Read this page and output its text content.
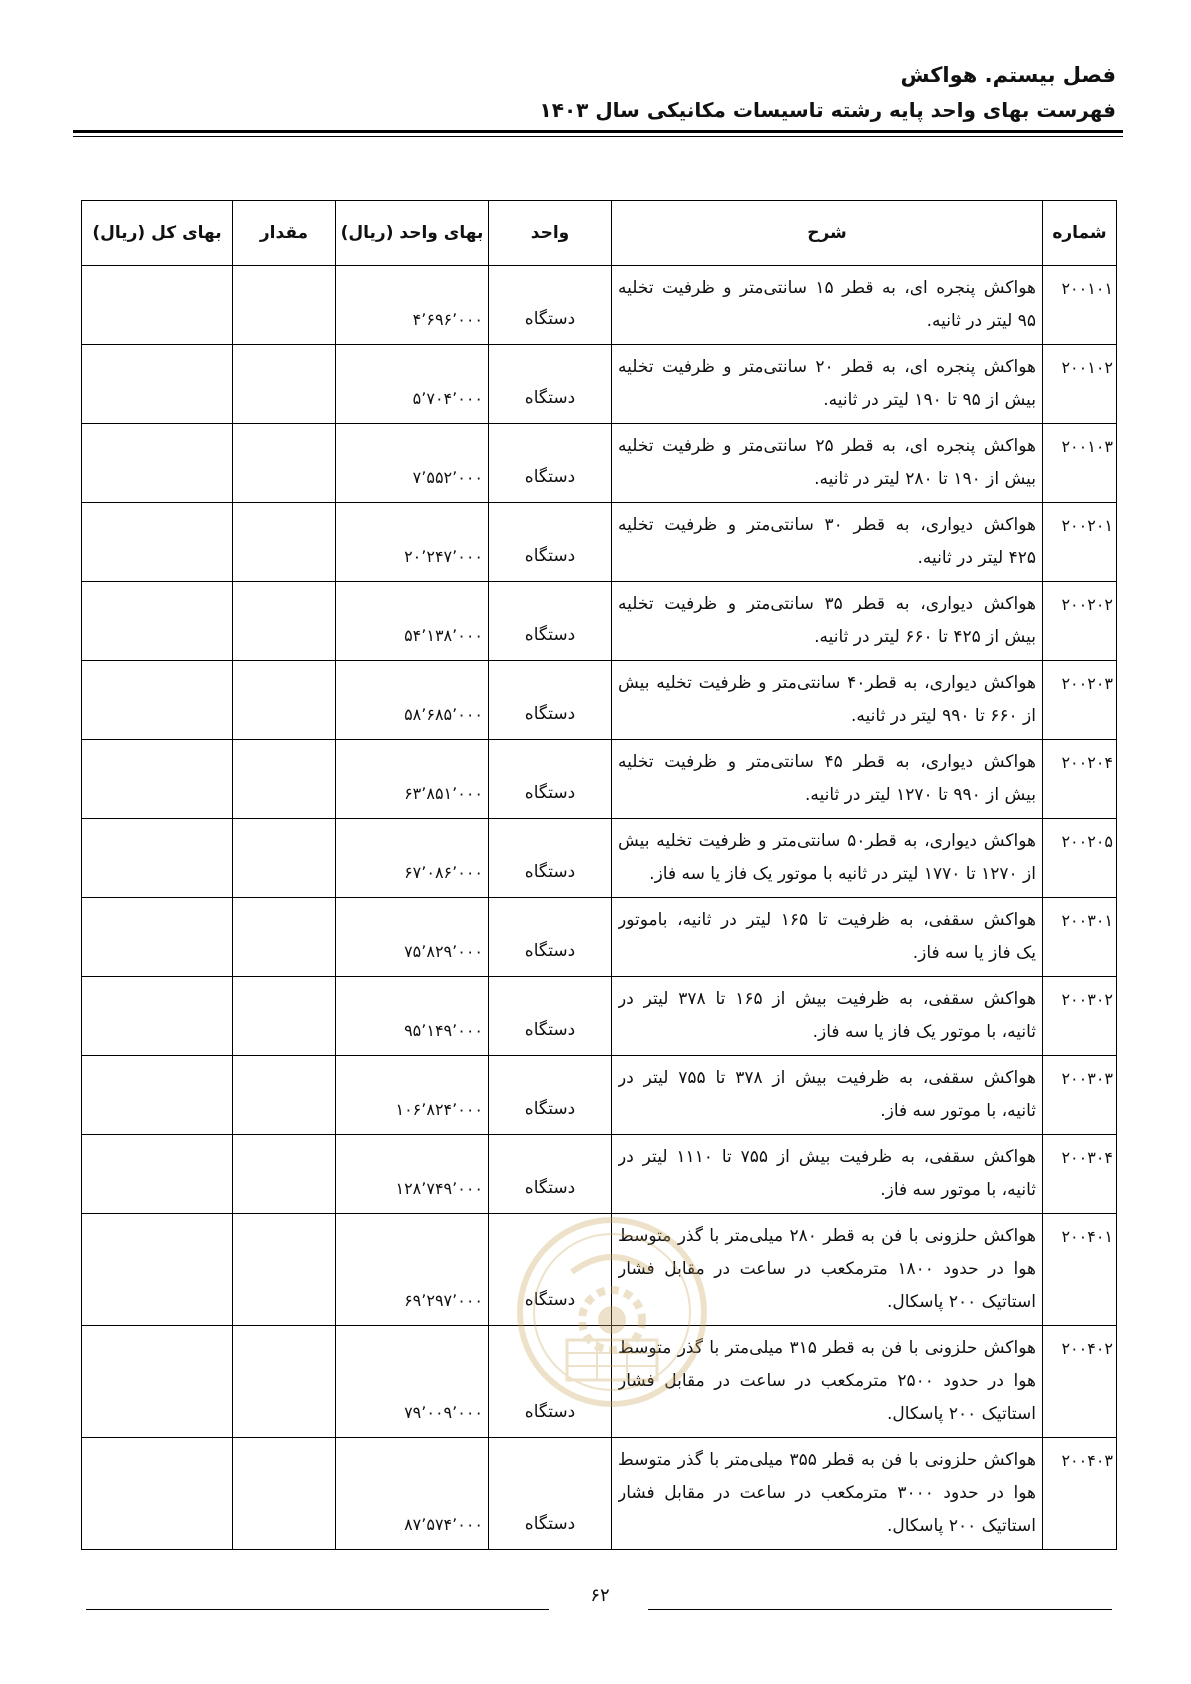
فصل بیستم. هواکش
فهرست بهای واحد پایه رشته تاسیسات مکانیکی سال ۱۴۰۳
شماره	شرح	واحد	بهای واحد (ریال)	مقدار	بهای کل (ریال)
۲۰۰۱۰۱	هواکش پنجره ای، به قطر ۱۵ سانتی‌متر و ظرفیت تخلیه
۹۵ لیتر در ثانیه.	دستگاه	۴٬۶۹۶٬۰۰۰		
۲۰۰۱۰۲	هواکش پنجره ای، به قطر ۲۰ سانتی‌متر و ظرفیت تخلیه
بیش از ۹۵ تا ۱۹۰ لیتر در ثانیه.	دستگاه	۵٬۷۰۴٬۰۰۰		
۲۰۰۱۰۳	هواکش پنجره ای، به قطر ۲۵ سانتی‌متر و ظرفیت تخلیه
بیش از ۱۹۰ تا ۲۸۰ لیتر در ثانیه.	دستگاه	۷٬۵۵۲٬۰۰۰		
۲۰۰۲۰۱	هواکش دیواری، به قطر ۳۰ سانتی‌متر و ظرفیت تخلیه
۴۲۵ لیتر در ثانیه.	دستگاه	۲۰٬۲۴۷٬۰۰۰		
۲۰۰۲۰۲	هواکش دیواری، به قطر ۳۵ سانتی‌متر و ظرفیت تخلیه
بیش از ۴۲۵ تا ۶۶۰ لیتر در ثانیه.	دستگاه	۵۴٬۱۳۸٬۰۰۰		
۲۰۰۲۰۳	هواکش دیواری، به قطر۴۰ سانتی‌متر و ظرفیت تخلیه بیش
از ۶۶۰ تا ۹۹۰ لیتر در ثانیه.	دستگاه	۵۸٬۶۸۵٬۰۰۰		
۲۰۰۲۰۴	هواکش دیواری، به قطر ۴۵ سانتی‌متر و ظرفیت تخلیه
بیش از ۹۹۰ تا ۱۲۷۰ لیتر در ثانیه.	دستگاه	۶۳٬۸۵۱٬۰۰۰		
۲۰۰۲۰۵	هواکش دیواری، به قطر۵۰ سانتی‌متر و ظرفیت تخلیه بیش
از ۱۲۷۰ تا ۱۷۷۰ لیتر در ثانیه با موتور یک فاز یا سه فاز.	دستگاه	۶۷٬۰۸۶٬۰۰۰		
۲۰۰۳۰۱	هواکش سقفی، به ظرفیت تا ۱۶۵ لیتر در ثانیه، باموتور
یک فاز یا سه فاز.	دستگاه	۷۵٬۸۲۹٬۰۰۰		
۲۰۰۳۰۲	هواکش سقفی، به ظرفیت بیش از ۱۶۵ تا ۳۷۸ لیتر در
ثانیه، با موتور یک فاز یا سه فاز.	دستگاه	۹۵٬۱۴۹٬۰۰۰		
۲۰۰۳۰۳	هواکش سقفی، به ظرفیت بیش از ۳۷۸ تا ۷۵۵ لیتر در
ثانیه، با موتور سه فاز.	دستگاه	۱۰۶٬۸۲۴٬۰۰۰		
۲۰۰۳۰۴	هواکش سقفی، به ظرفیت بیش از ۷۵۵ تا ۱۱۱۰ لیتر در
ثانیه، با موتور سه فاز.	دستگاه	۱۲۸٬۷۴۹٬۰۰۰		
۲۰۰۴۰۱	هواکش حلزونی با فن به قطر ۲۸۰ میلی‌متر با گذر متوسط
هوا در حدود ۱۸۰۰ مترمکعب در ساعت در مقابل فشار
استاتیک ۲۰۰ پاسکال.	دستگاه	۶۹٬۲۹۷٬۰۰۰		
۲۰۰۴۰۲	هواکش حلزونی با فن به قطر ۳۱۵ میلی‌متر با گذر متوسط
هوا در حدود ۲۵۰۰ مترمکعب در ساعت در مقابل فشار
استاتیک ۲۰۰ پاسکال.	دستگاه	۷۹٬۰۰۹٬۰۰۰		
۲۰۰۴۰۳	هواکش حلزونی با فن به قطر ۳۵۵ میلی‌متر با گذر متوسط
هوا در حدود ۳۰۰۰ مترمکعب در ساعت در مقابل فشار
استاتیک ۲۰۰ پاسکال.	دستگاه	۸۷٬۵۷۴٬۰۰۰		
۶۲
